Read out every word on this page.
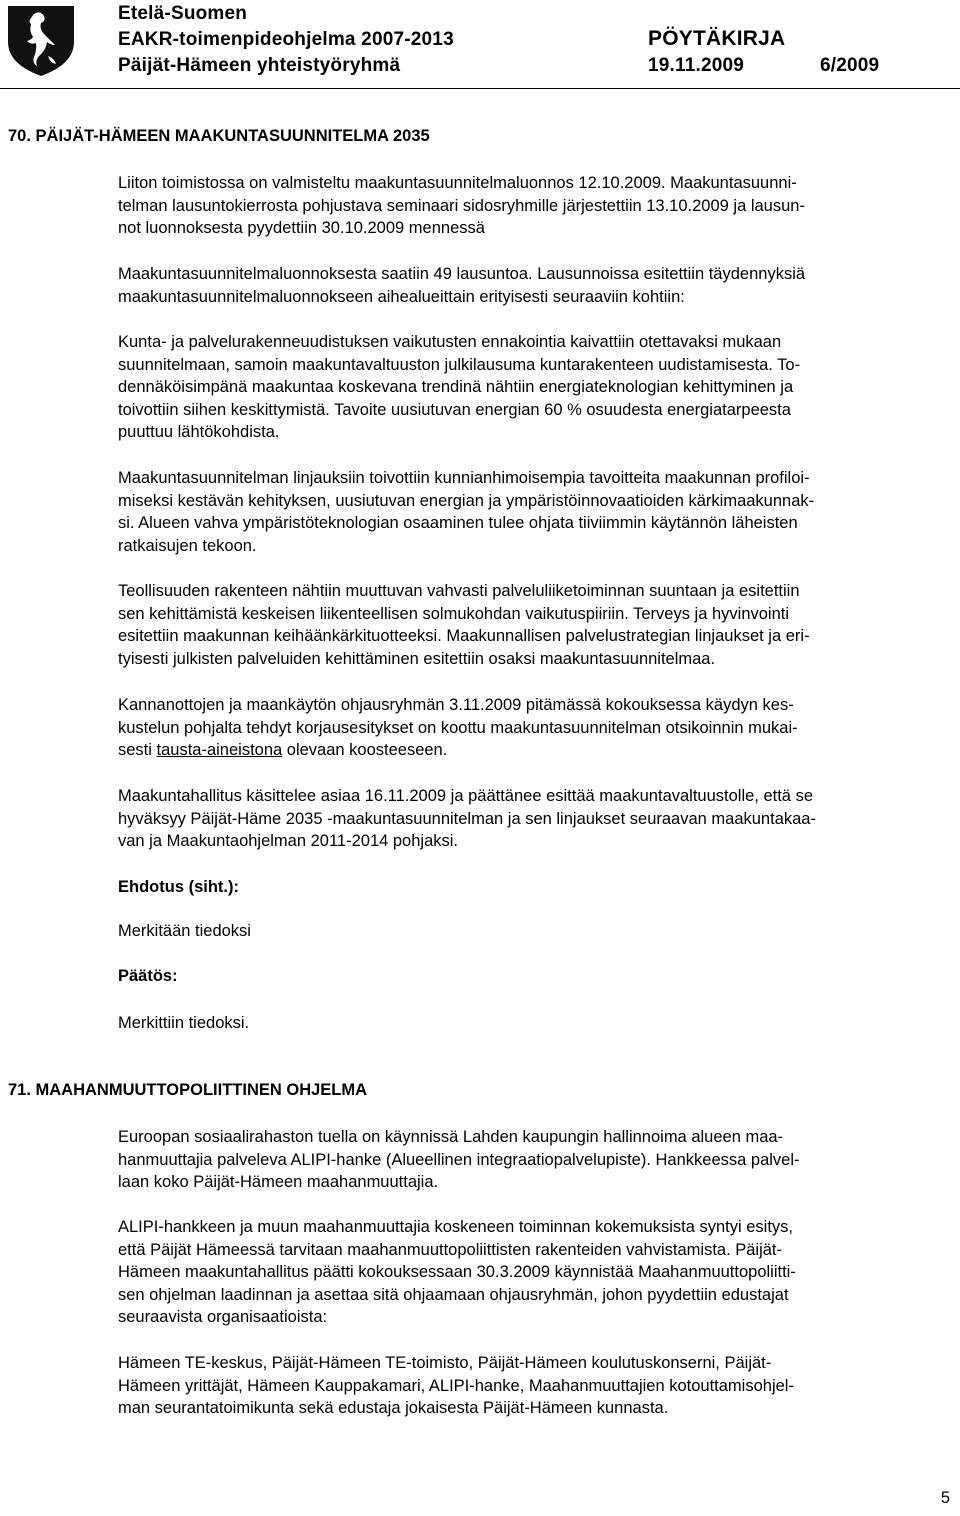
Etelä-Suomen
EAKR-toimenpideohjelma 2007-2013
Päijät-Hämeen yhteistyöryhmä
PÖYTÄKIRJA
19.11.2009	6/2009
70. PÄIJÄT-HÄMEEN MAAKUNTASUUNNITELMA 2035
Liiton toimistossa on valmisteltu maakuntasuunnitelmaluonnos 12.10.2009. Maakuntasuunni-
telman lausuntokierrosta pohjustava seminaari sidosryhmille järjestettiin 13.10.2009 ja lausun-
not luonnoksesta pyydettiin 30.10.2009 mennessä
Maakuntasuunnitelmaluonnoksesta saatiin 49 lausuntoa. Lausunnoissa esitettiin täydennyksiä
maakuntasuunnitelmaluonnokseen aihealueittain erityisesti seuraaviin kohtiin:
Kunta- ja palvelurakenneuudistuksen vaikutusten ennakointia kaivattiin otettavaksi mukaan
suunnitelmaan, samoin maakuntavaltuuston julkilausuma kuntarakenteen uudistamisesta. To-
dennäköisimpänä maakuntaa koskevana trendinä nähtiin energiateknologian kehittyminen ja
toivottiin siihen keskittymistä. Tavoite uusiutuvan energian 60 % osuudesta energiatarpeesta
puuttuu lähtökohdista.
Maakuntasuunnitelman linjauksiin toivottiin kunnianhimoisempia tavoitteita maakunnan profiloi-
miseksi kestävän kehityksen, uusiutuvan energian ja ympäristöinnovaatioiden kärkimaakunnak-
si. Alueen vahva ympäristöteknologian osaaminen tulee ohjata tiiviimmin käytännön läheisten
ratkaisujen tekoon.
Teollisuuden rakenteen nähtiin muuttuvan vahvasti palveluliiketoiminnan suuntaan ja esitettiin
sen kehittämistä keskeisen liikenteellisen solmukohdan vaikutuspiiriin. Terveys ja hyvinvointi
esitettiin maakunnan keihäänkärkituotteeksi. Maakunnallisen palvelustrategian linjaukset ja eri-
tyisesti julkisten palveluiden kehittäminen esitettiin osaksi maakuntasuunnitelmaa.
Kannanottojen ja maankäytön ohjausryhmän 3.11.2009 pitämässä kokouksessa käydyn kes-
kustelun pohjalta tehdyt korjausesitykset on koottu maakuntasuunnitelman otsikoinnin mukai-
sesti tausta-aineistona olevaan koosteeseen.
Maakuntahallitus käsittelee asiaa 16.11.2009 ja päättänee esittää maakuntavaltuustolle, että se
hyväksyy Päijät-Häme 2035 -maakuntasuunnitelman ja sen linjaukset seuraavan maakuntakaa-
van ja Maakuntaohjelman 2011-2014 pohjaksi.
Ehdotus (siht.):
Merkitään tiedoksi
Päätös:
Merkittiin tiedoksi.
71. MAAHANMUUTTOPOLIITTINEN OHJELMA
Euroopan sosiaalirahaston tuella on käynnissä Lahden kaupungin hallinnoima alueen maa-
hanmuuttajia palveleva ALIPI-hanke (Alueellinen integraatiopalvelupiste). Hankkeessa palvel-
laan koko Päijät-Hämeen maahanmuuttajia.
ALIPI-hankkeen ja muun maahanmuuttajia koskeneen toiminnan kokemuksista syntyi esitys,
että Päijät Hämeessä tarvitaan maahanmuuttopoliittisten rakenteiden vahvistamista. Päijät-
Hämeen maakuntahallitus päätti kokouksessaan 30.3.2009 käynnistää Maahanmuuttopoliitti-
sen ohjelman laadinnan ja asettaa sitä ohjaamaan ohjausryhmän, johon pyydettiin edustajat
seuraavista organisaatioista:
Hämeen TE-keskus, Päijät-Hämeen TE-toimisto, Päijät-Hämeen koulutuskonserni, Päijät-
Hämeen yrittäjät, Hämeen Kauppakamari, ALIPI-hanke, Maahanmuuttajien kotouttamisohjel-
man seurantatoimikunta sekä edustaja jokaisesta Päijät-Hämeen kunnasta.
5
